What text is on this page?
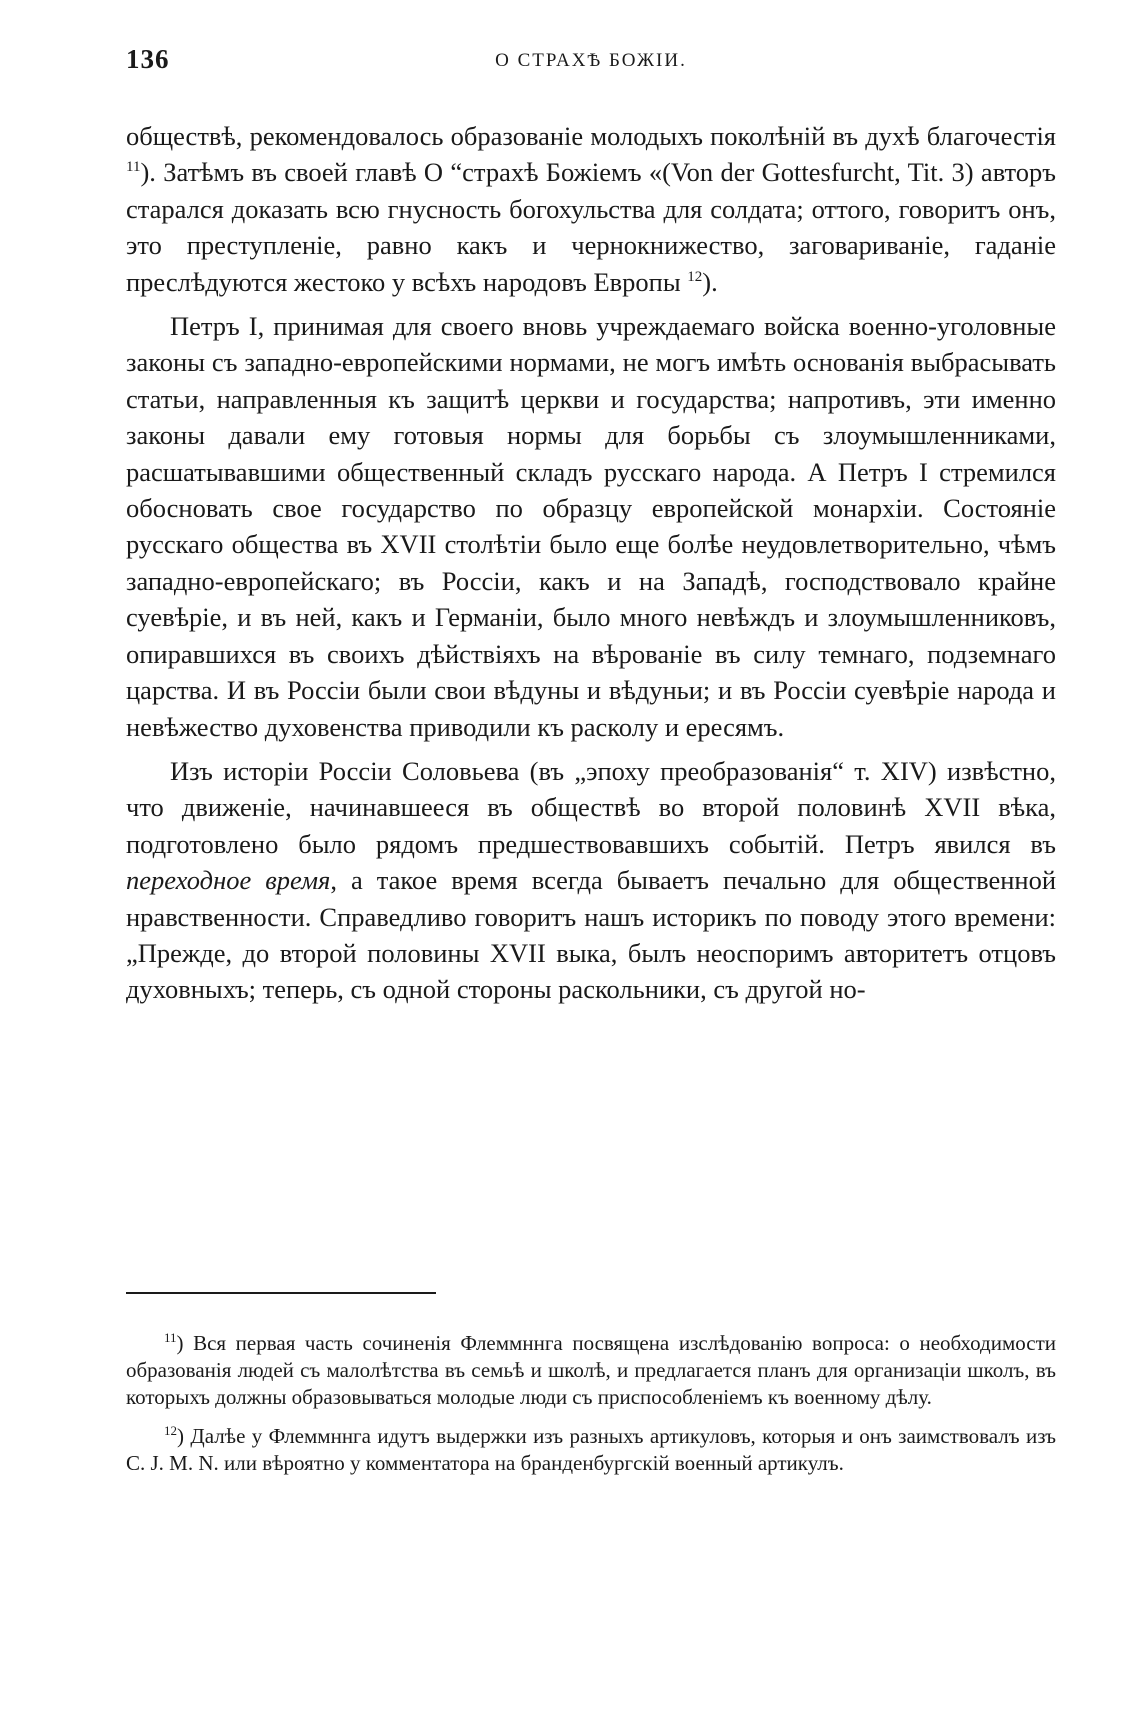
136	О СТРАХѢ БОЖІИ.

обществѣ, рекомендовалось образованіе молодыхъ поколѣній въ духѣ благочестія $^{11}$). Затѣмъ въ своей главѣ О “страхѣ Божіемъ «(Von der Gottesfurcht, Tit. 3) авторъ старался доказать всю гнусность богохульства для солдата; оттого, говоритъ онъ, это преступленіе, равно какъ и чернокнижество, заговариваніе, гаданіе преслѣдуются жестоко у всѣхъ народовъ Европы $^{12}$).

Петръ I, принимая для своего вновь учреждаемаго войска военно-уголовные законы съ западно-европейскими нормами, не могъ имѣть основанія выбрасывать статьи, направленныя къ защитѣ церкви и государства; напротивъ, эти именно законы давали ему готовыя нормы для борьбы съ злоумышленниками, расшатывавшими общественный складъ русскаго народа. А Петръ I стремился обосновать свое государство по образцу европейской монархіи. Состояніе русскаго общества въ XVII столѣтіи было еще болѣе неудовлетворительно, чѣмъ западно-европейскаго; въ Россіи, какъ и на Западѣ, господствовало крайне суевѣріе, и въ ней, какъ и Германіи, было много невѣждъ и злоумышленниковъ, опиравшихся въ своихъ дѣйствіяхъ на вѣрованіе въ силу темнаго, подземнаго царства. И въ Россіи были свои вѣдуны и вѣдуньи; и въ Россіи суевѣріе народа и невѣжество духовенства приводили къ расколу и ересямъ.

Изъ исторіи Россіи Соловьева (въ „эпоху преобразованія“ т. XIV) извѣстно, что движеніе, начинавшееся въ обществѣ во второй половинѣ XVII вѣка, подготовлено было рядомъ предшествовавшихъ событій. Петръ явился въ переходное время, а такое время всегда бываетъ печально для общественной нравственности. Справедливо говоритъ нашъ историкъ по поводу этого времени: „Прежде, до второй половины XVII выка, былъ неоспоримъ авторитетъ отцовъ духовныхъ; теперь, съ одной стороны раскольники, съ другой но-

$^{11}$) Вся первая часть сочиненія Флеммннга посвящена изслѣдованію вопроса: о необходимости образованія людей съ малолѣтства въ семьѣ и школѣ, и предлагается планъ для организаціи школъ, въ которыхъ должны образовываться молодые люди съ приспособленіемъ къ военному дѣлу.

$^{12}$) Далѣе у Флеммннга идутъ выдержки изъ разныхъ артикуловъ, которыя и онъ заимствовалъ изъ C. J. M. N. или вѣроятно у комментатора на бранденбургскій военный артикулъ.
